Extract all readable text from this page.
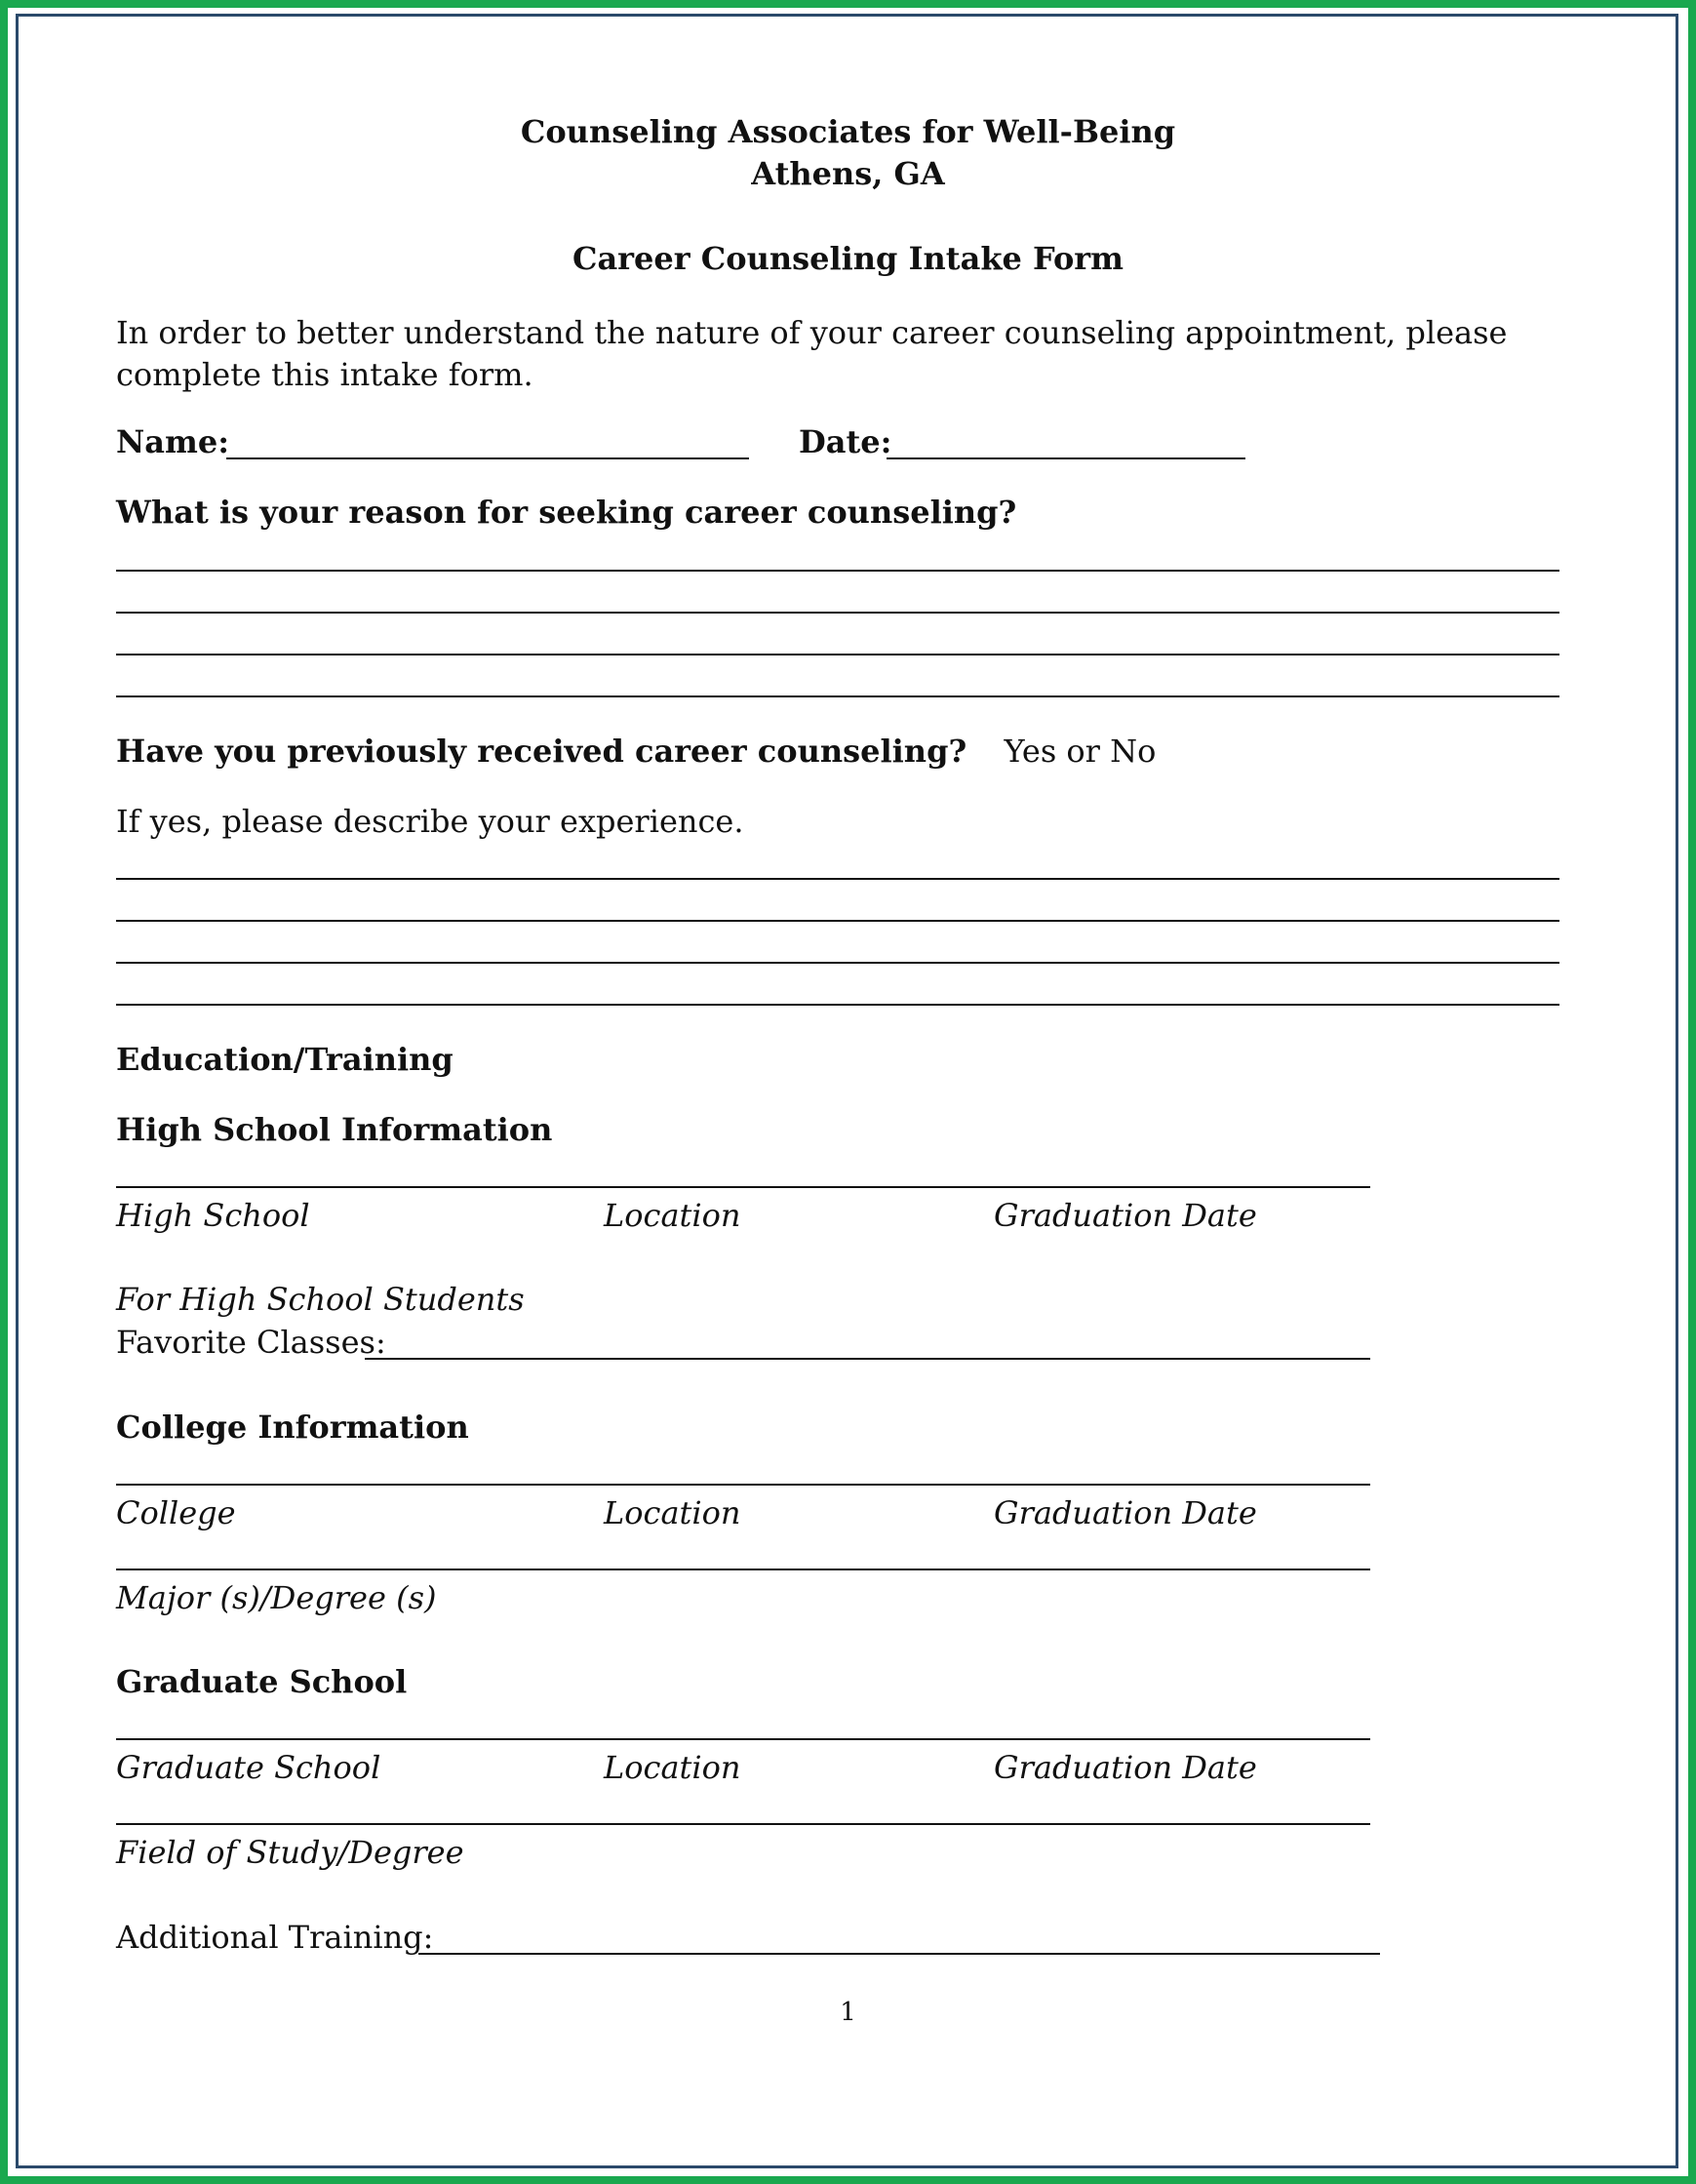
Counseling Associates for Well-Being
Athens, GA
Career Counseling Intake Form
In order to better understand the nature of your career counseling appointment, please complete this intake form.
Name:	Date:
What is your reason for seeking career counseling?
Have you previously received career counseling? Yes or No
If yes, please describe your experience.
Education/Training
High School Information
High School	Location	Graduation Date
For High School Students
Favorite Classes:
College Information
College	Location	Graduation Date
Major (s)/Degree (s)
Graduate School
Graduate School	Location	Graduation Date
Field of Study/Degree
Additional Training:
1
